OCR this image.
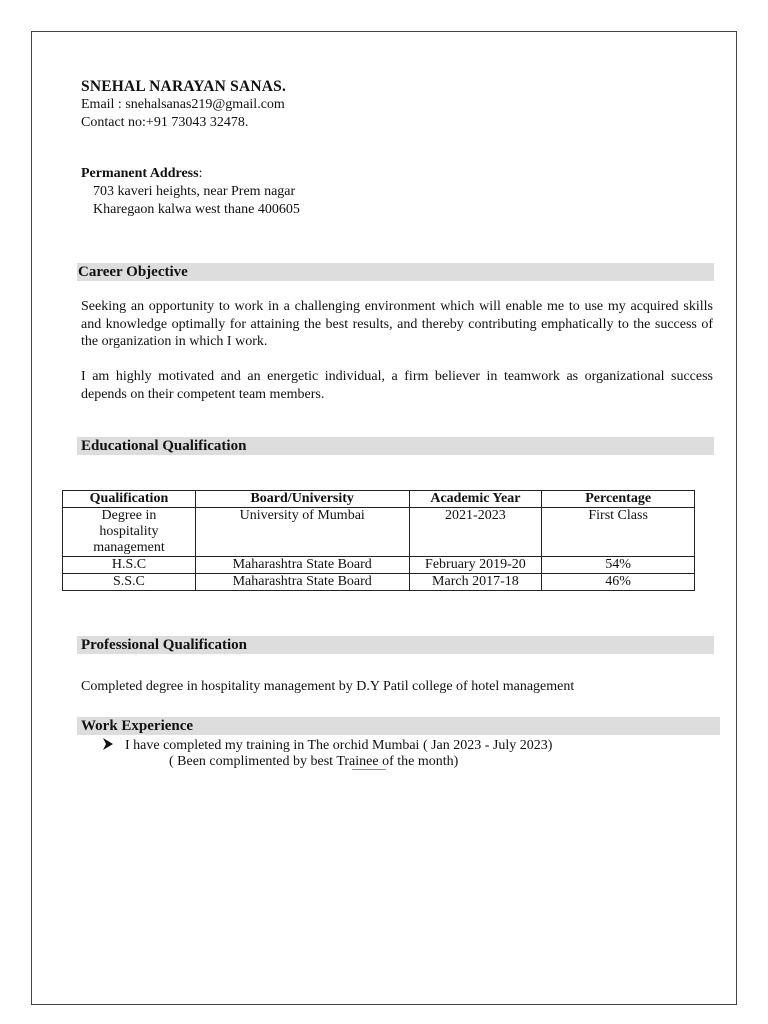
SNEHAL NARAYAN SANAS.
Email : snehalsanas219@gmail.com
Contact no:+91 73043 32478.
Permanent Address:
703 kaveri heights, near Prem nagar
Kharegaon kalwa west thane 400605
Career Objective
Seeking an opportunity to work in a challenging environment which will enable me to use my acquired skills and knowledge optimally for attaining the best results, and thereby contributing emphatically to the success of the organization in which I work.
I am highly motivated and an energetic individual, a firm believer in teamwork as organizational success depends on their competent team members.
Educational Qualification
Qualification	Board/University	Academic Year	Percentage
Degree in hospitality management	University of Mumbai	2021-2023	First Class
H.S.C	Maharashtra State Board	February 2019-20	54%
S.S.C	Maharashtra State Board	March 2017-18	46%
Professional Qualification
Completed degree in hospitality management by D.Y Patil college of hotel management
Work Experience
I have completed my training in The orchid Mumbai ( Jan 2023 - July 2023)
( Been complimented by best Trainee of the month)
